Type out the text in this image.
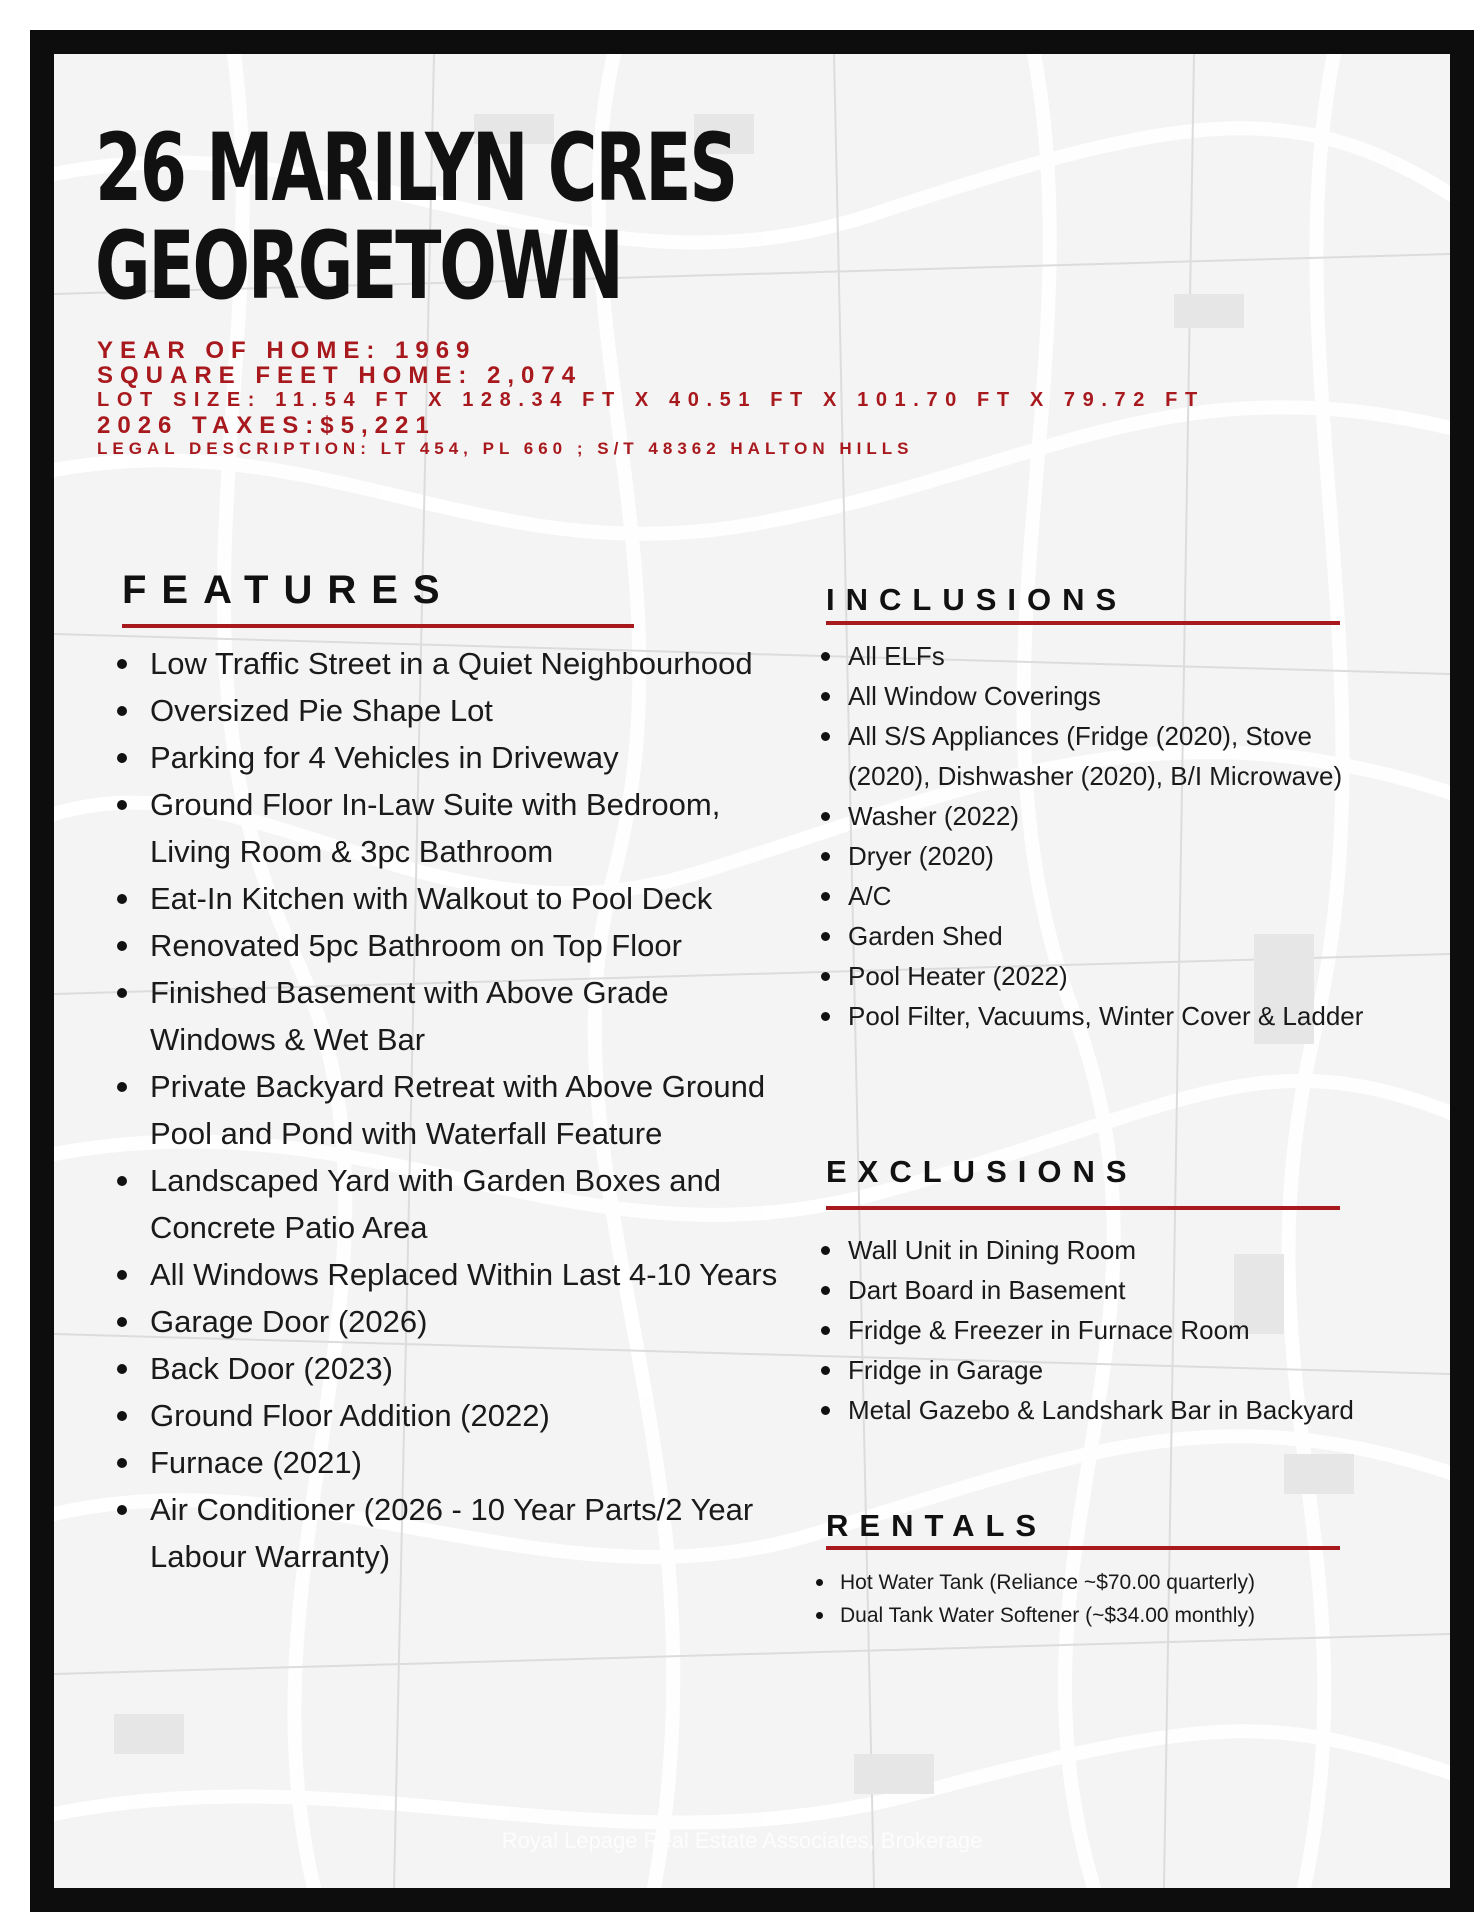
26 MARILYN CRES
GEORGETOWN
YEAR OF HOME: 1969
SQUARE FEET HOME: 2,074
LOT SIZE: 11.54 FT X 128.34 FT X 40.51 FT X 101.70 FT X 79.72 FT
2026 TAXES:$5,221
LEGAL DESCRIPTION: LT 454, PL 660 ; S/T 48362 HALTON HILLS
FEATURES
Low Traffic Street in a Quiet Neighbourhood
Oversized Pie Shape Lot
Parking for 4 Vehicles in Driveway
Ground Floor In-Law Suite with Bedroom, Living Room & 3pc Bathroom
Eat-In Kitchen with Walkout to Pool Deck
Renovated 5pc Bathroom on Top Floor
Finished Basement with Above Grade Windows & Wet Bar
Private Backyard Retreat with Above Ground Pool and Pond with Waterfall Feature
Landscaped Yard with Garden Boxes and Concrete Patio Area
All Windows Replaced Within Last 4-10 Years
Garage Door (2026)
Back Door (2023)
Ground Floor Addition (2022)
Furnace (2021)
Air Conditioner (2026 - 10 Year Parts/2 Year Labour Warranty)
INCLUSIONS
All ELFs
All Window Coverings
All S/S Appliances (Fridge (2020), Stove (2020), Dishwasher (2020), B/I Microwave)
Washer (2022)
Dryer (2020)
A/C
Garden Shed
Pool Heater (2022)
Pool Filter, Vacuums, Winter Cover & Ladder
EXCLUSIONS
Wall Unit in Dining Room
Dart Board in Basement
Fridge & Freezer in Furnace Room
Fridge in Garage
Metal Gazebo & Landshark Bar in Backyard
RENTALS
Hot Water Tank (Reliance ~$70.00 quarterly)
Dual Tank Water Softener (~$34.00 monthly)
Royal Lepage Real Estate Associates, Brokerage
